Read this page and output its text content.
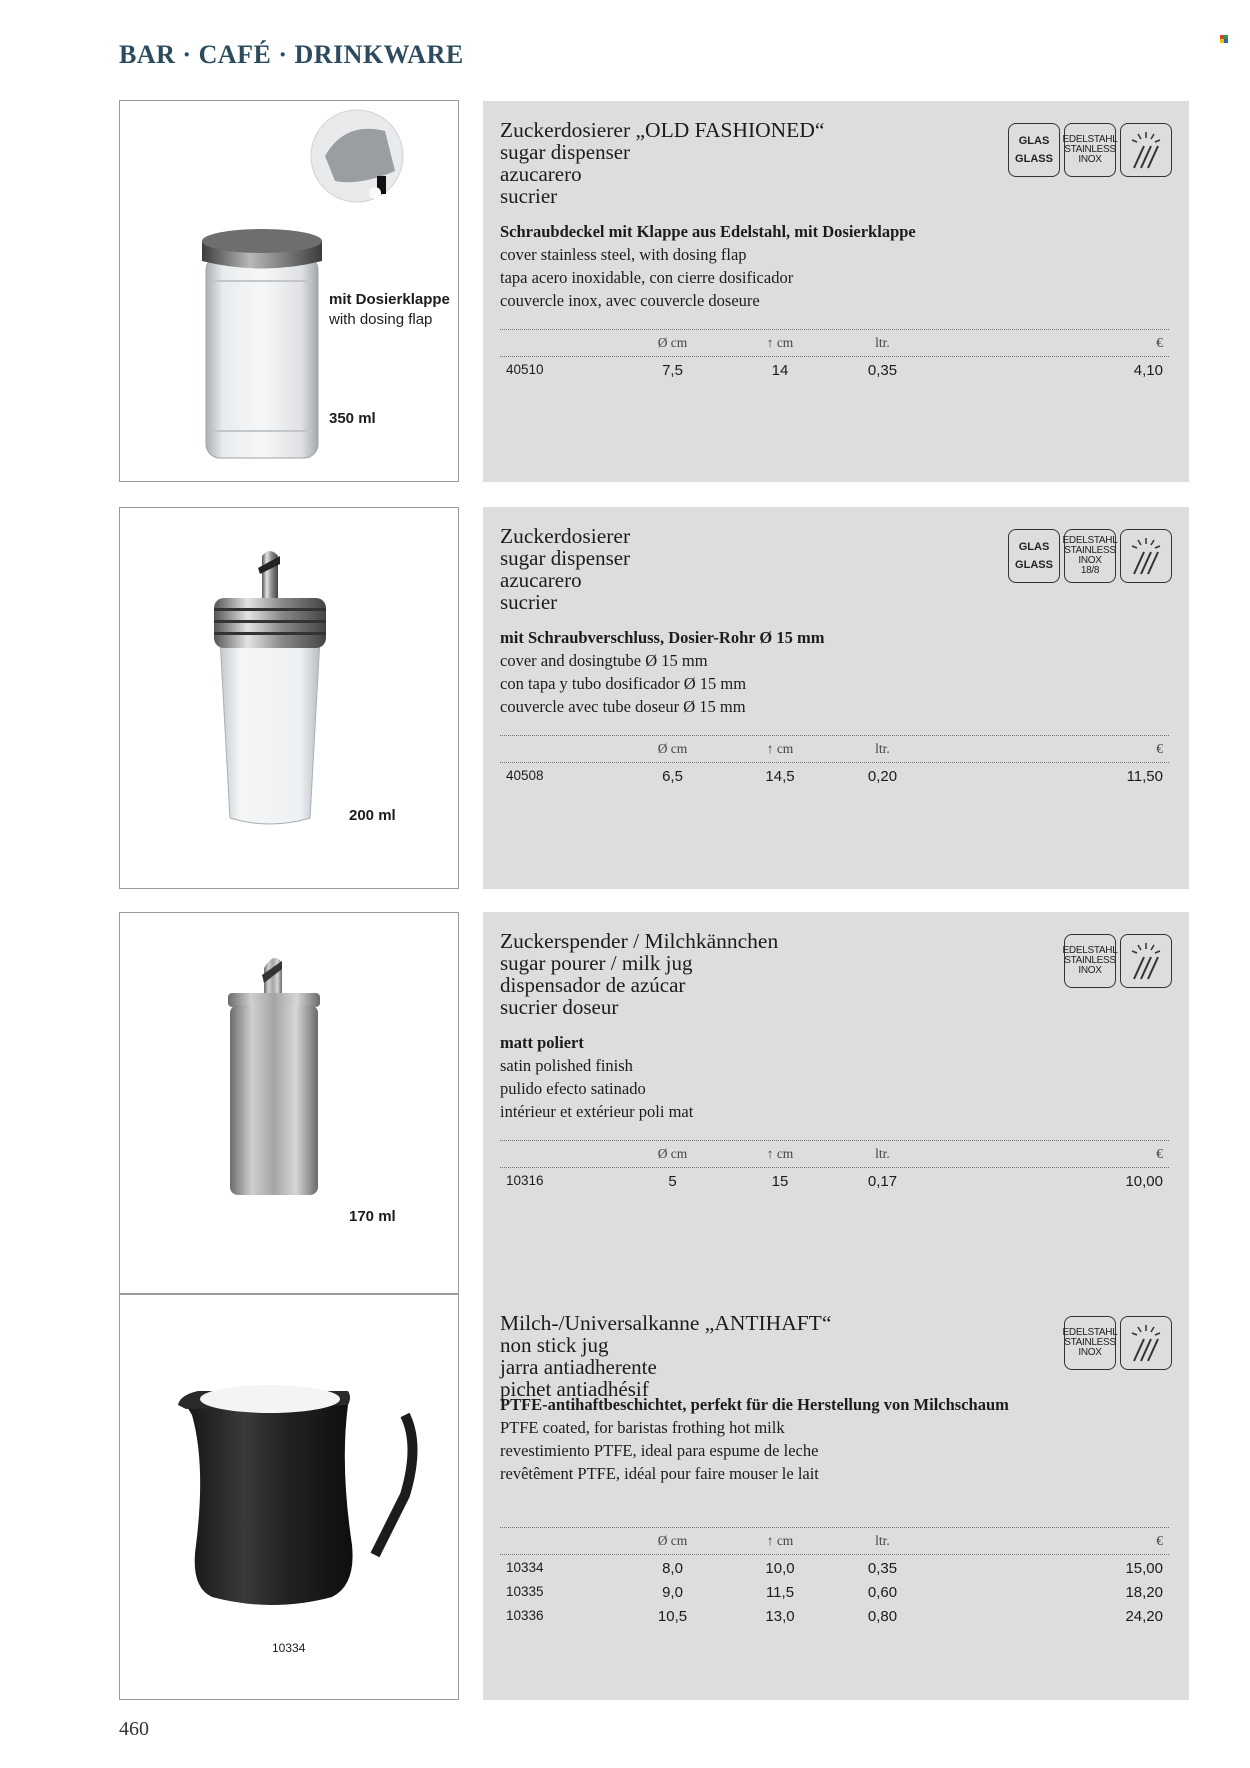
BAR · CAFÉ · DRINKWARE
mit Dosierklappe
with dosing flap
350 ml
Zuckerdosierer „OLD FASHIONED“
sugar dispenser
azucarero
sucrier
GLAS
GLASS
EDELSTAHL
STAINLESS
INOX
Schraubdeckel mit Klappe aus Edelstahl, mit Dosierklappe
cover stainless steel, with dosing flap
tapa acero inoxidable, con cierre dosificador
couvercle inox, avec couvercle doseure
Ø cm	↑ cm	ltr.	€
40510	7,5	14	0,35	4,10
200 ml
Zuckerdosierer
sugar dispenser
azucarero
sucrier
GLAS
GLASS
EDELSTAHL
STAINLESS
INOX
18/8
mit Schraubverschluss, Dosier-Rohr Ø 15 mm
cover and dosingtube Ø 15 mm
con tapa y tubo dosificador Ø 15 mm
couvercle avec tube doseur Ø 15 mm
Ø cm	↑ cm	ltr.	€
40508	6,5	14,5	0,20	11,50
170 ml
Zuckerspender / Milchkännchen
sugar pourer / milk jug
dispensador de azúcar
sucrier doseur
EDELSTAHL
STAINLESS
INOX
matt poliert
satin polished finish
pulido efecto satinado
intérieur et extérieur poli mat
Ø cm	↑ cm	ltr.	€
10316	5	15	0,17	10,00
10334
Milch-/Universalkanne „ANTIHAFT“
non stick jug
jarra antiadherente
pichet antiadhésif
EDELSTAHL
STAINLESS
INOX
PTFE-antihaftbeschichtet, perfekt für die Herstellung von Milchschaum
PTFE coated, for baristas frothing hot milk
revestimiento PTFE, ideal para espume de leche
revêtêment PTFE, idéal pour faire mouser le lait
Ø cm	↑ cm	ltr.	€
10334	8,0	10,0	0,35	15,00
10335	9,0	11,5	0,60	18,20
10336	10,5	13,0	0,80	24,20
460
